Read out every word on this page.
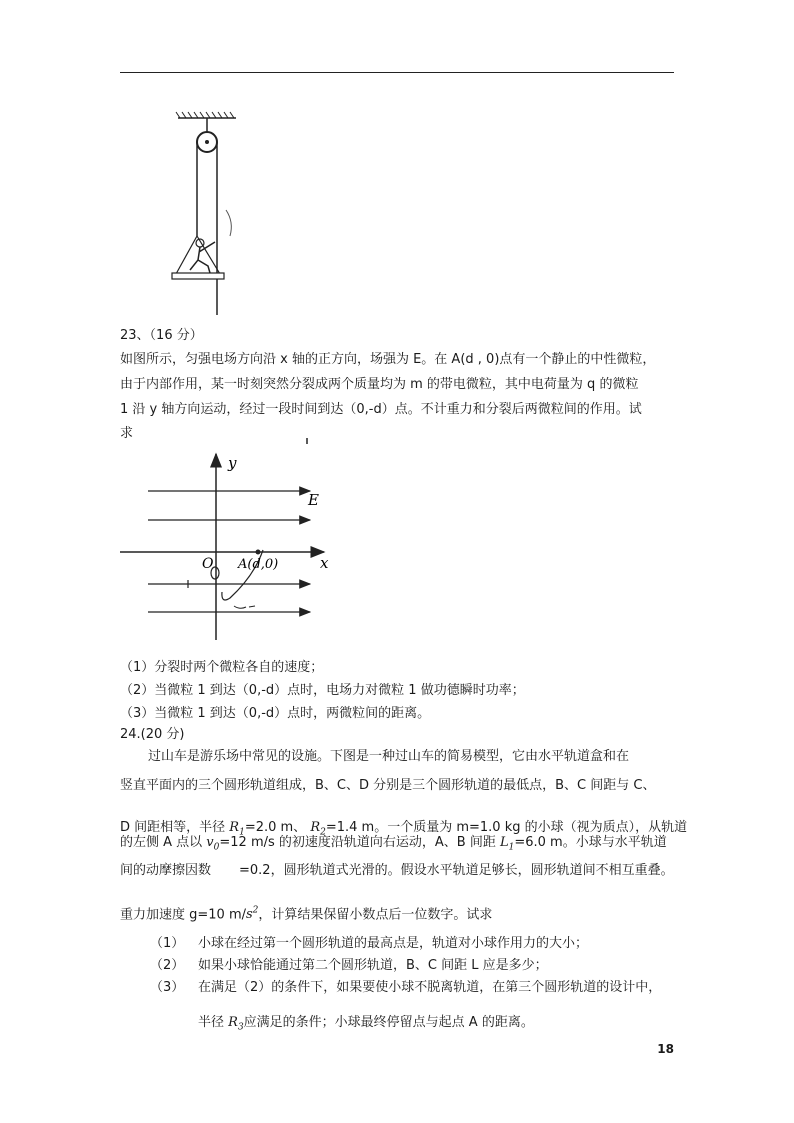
23、（16 分）
如图所示，匀强电场方向沿 x 轴的正方向，场强为 E。在 A(d , 0)点有一个静止的中性微粒，
由于内部作用，某一时刻突然分裂成两个质量均为 m 的带电微粒，其中电荷量为 q 的微粒
1 沿 y 轴方向运动，经过一段时间到达（0,-d）点。不计重力和分裂后两微粒间的作用。试
求
y
x
E
O A(d,0)
（1）分裂时两个微粒各自的速度；
（2）当微粒 1 到达（0,-d）点时，电场力对微粒 1 做功德瞬时功率；
（3）当微粒 1 到达（0,-d）点时，两微粒间的距离。
24.(20 分)
过山车是游乐场中常见的设施。下图是一种过山车的简易模型，它由水平轨道盒和在
竖直平面内的三个圆形轨道组成，B、C、D 分别是三个圆形轨道的最低点，B、C 间距与 C、
D 间距相等，半径 $R_1=2.0$ m、 $R_2=1.4$ m。一个质量为 m=1.0 kg 的小球（视为质点），从轨道
的左侧 A 点以 $v_0=12$ m/s 的初速度沿轨道向右运动，A、B 间距 $L_1=6.0$ m。小球与水平轨道
间的动摩擦因数 =0.2，圆形轨道式光滑的。假设水平轨道足够长，圆形轨道间不相互重叠。
重力加速度 g=10 $m/s^2$，计算结果保留小数点后一位数字。试求
（1） 小球在经过第一个圆形轨道的最高点是，轨道对小球作用力的大小；
（2） 如果小球恰能通过第二个圆形轨道，B、C 间距 L 应是多少；
（3） 在满足（2）的条件下，如果要使小球不脱离轨道，在第三个圆形轨道的设计中，
半径 $R_3$应满足的条件；小球最终停留点与起点 A 的距离。
18
